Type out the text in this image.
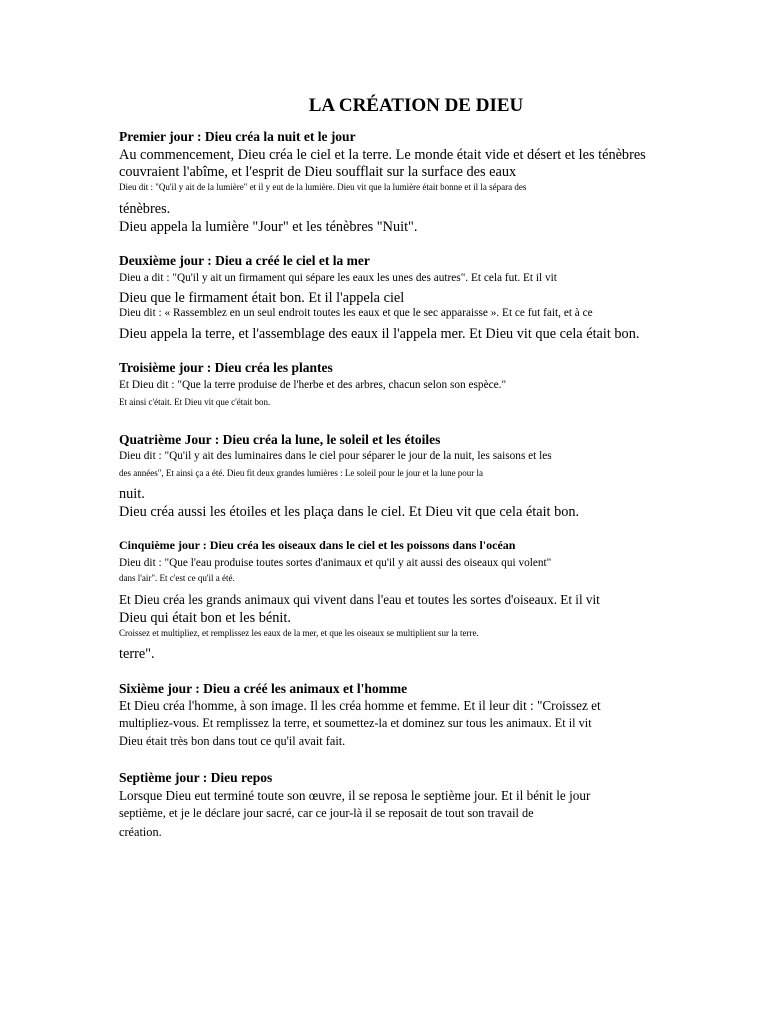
LA CRÉATION DE DIEU
Premier jour : Dieu créa la nuit et le jour
Au commencement, Dieu créa le ciel et la terre. Le monde était vide et désert et les ténèbres
couvraient l'abîme, et l'esprit de Dieu soufflait sur la surface des eaux
Dieu dit : "Qu'il y ait de la lumière" et il y eut de la lumière. Dieu vit que la lumière était bonne et il la sépara des
ténèbres.
Dieu appela la lumière "Jour" et les ténèbres "Nuit".
Deuxième jour : Dieu a créé le ciel et la mer
Dieu a dit : "Qu'il y ait un firmament qui sépare les eaux les unes des autres". Et cela fut. Et il vit
Dieu que le firmament était bon. Et il l'appela ciel
Dieu dit : « Rassemblez en un seul endroit toutes les eaux et que le sec apparaisse ». Et ce fut fait, et à ce
Dieu appela la terre, et l'assemblage des eaux il l'appela mer. Et Dieu vit que cela était bon.
Troisième jour : Dieu créa les plantes
Et Dieu dit : "Que la terre produise de l'herbe et des arbres, chacun selon son espèce."
Et ainsi c'était. Et Dieu vit que c'était bon.
Quatrième Jour : Dieu créa la lune, le soleil et les étoiles
Dieu dit : "Qu'il y ait des luminaires dans le ciel pour séparer le jour de la nuit, les saisons et les
des années", Et ainsi ça a été. Dieu fit deux grandes lumières : Le soleil pour le jour et la lune pour la
nuit.
Dieu créa aussi les étoiles et les plaça dans le ciel. Et Dieu vit que cela était bon.
Cinquième jour : Dieu créa les oiseaux dans le ciel et les poissons dans l'océan
Dieu dit : "Que l'eau produise toutes sortes d'animaux et qu'il y ait aussi des oiseaux qui volent"
dans l'air". Et c'est ce qu'il a été.
Et Dieu créa les grands animaux qui vivent dans l'eau et toutes les sortes d'oiseaux. Et il vit
Dieu qui était bon et les bénit.
Croissez et multipliez, et remplissez les eaux de la mer, et que les oiseaux se multiplient sur la terre.
terre".
Sixième jour : Dieu a créé les animaux et l'homme
Et Dieu créa l'homme, à son image. Il les créa homme et femme. Et il leur dit : "Croissez et
multipliez-vous. Et remplissez la terre, et soumettez-la et dominez sur tous les animaux. Et il vit
Dieu était très bon dans tout ce qu'il avait fait.
Septième jour : Dieu repos
Lorsque Dieu eut terminé toute son œuvre, il se reposa le septième jour. Et il bénit le jour
septième, et je le déclare jour sacré, car ce jour-là il se reposait de tout son travail de
création.
